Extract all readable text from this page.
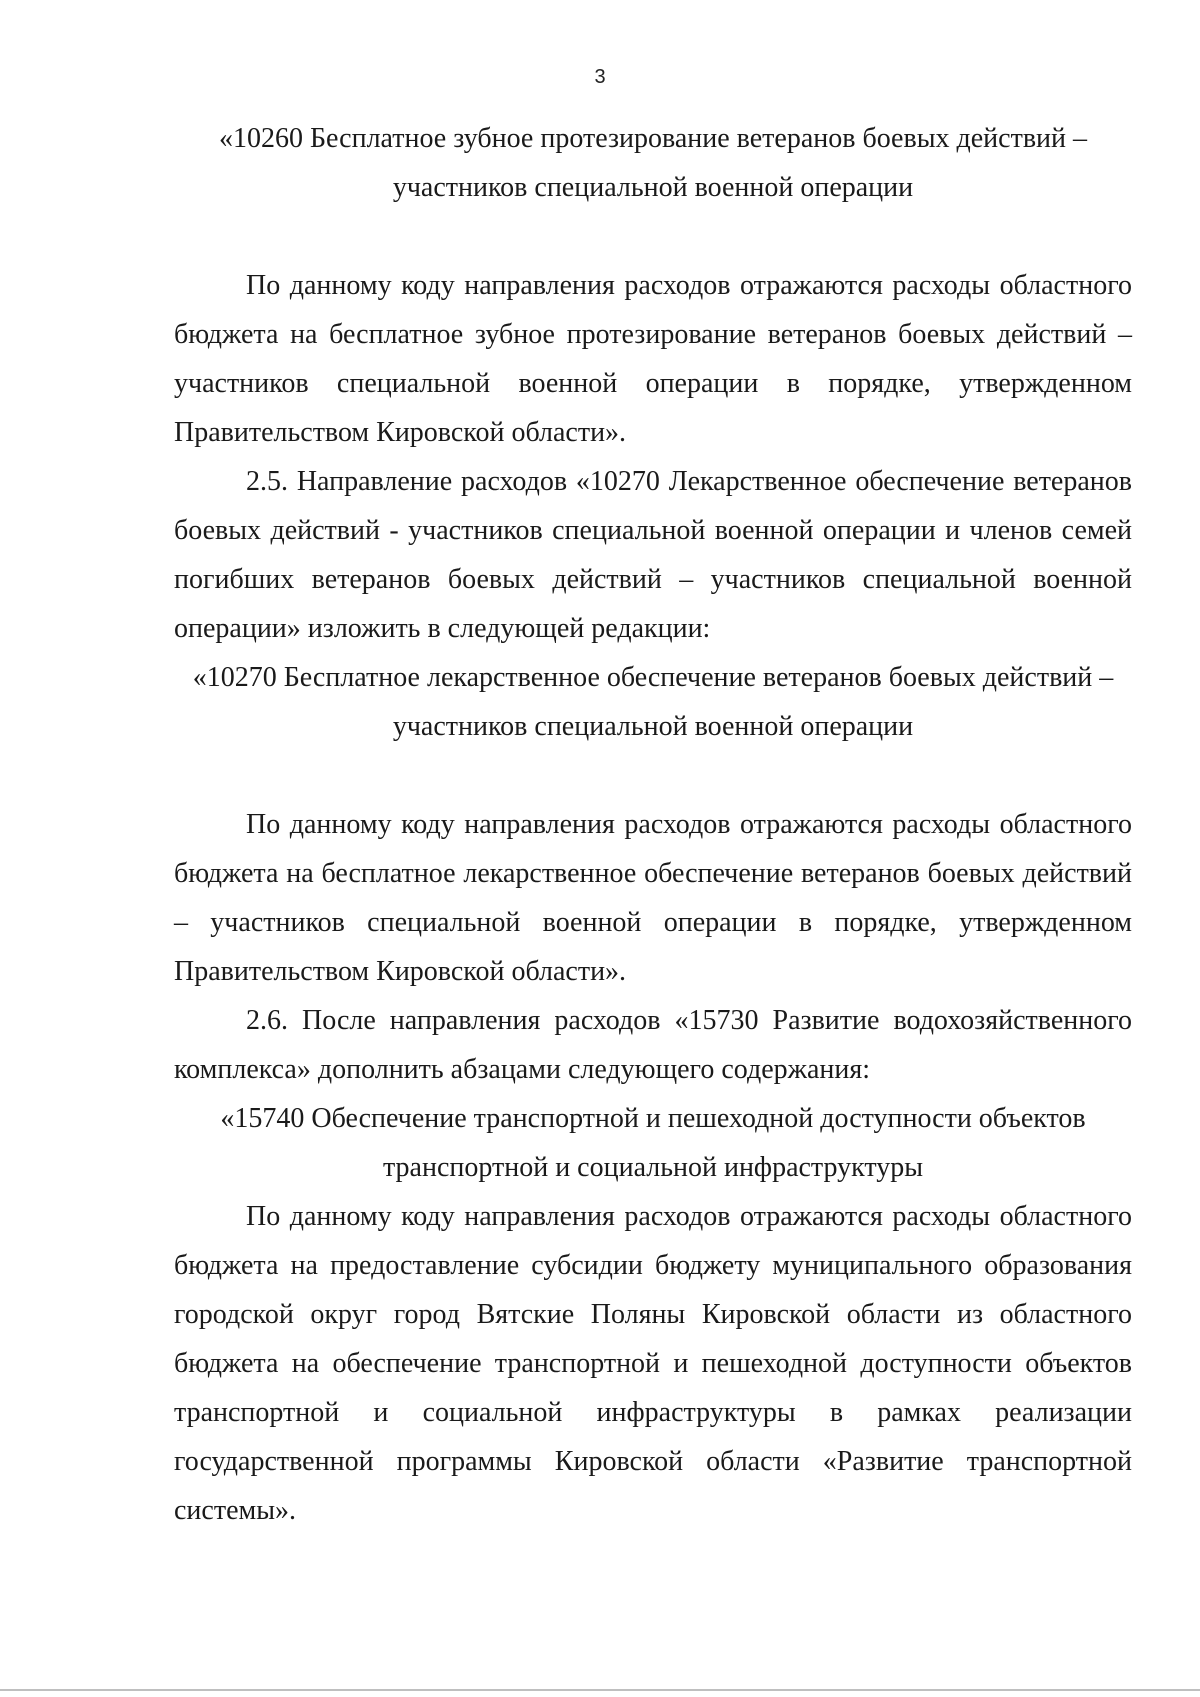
3

«10260 Бесплатное зубное протезирование ветеранов боевых действий –

участников специальной военной операции

По данному коду направления расходов отражаются расходы областного бюджета на бесплатное зубное протезирование ветеранов боевых действий – участников специальной военной операции в порядке, утвержденном Правительством Кировской области».

2.5. Направление расходов «10270 Лекарственное обеспечение ветеранов боевых действий - участников специальной военной операции и членов семей погибших ветеранов боевых действий – участников специальной военной операции» изложить в следующей редакции:

«10270 Бесплатное лекарственное обеспечение ветеранов боевых действий –

участников специальной военной операции

По данному коду направления расходов отражаются расходы областного бюджета на бесплатное лекарственное обеспечение ветеранов боевых действий – участников специальной военной операции в порядке, утвержденном Правительством Кировской области».

2.6. После направления расходов «15730 Развитие водохозяйственного комплекса» дополнить абзацами следующего содержания:

«15740 Обеспечение транспортной и пешеходной доступности объектов

транспортной и социальной инфраструктуры

По данному коду направления расходов отражаются расходы областного бюджета на предоставление субсидии бюджету муниципального образования городской округ город Вятские Поляны Кировской области из областного бюджета на обеспечение транспортной и пешеходной доступности объектов транспортной и социальной инфраструктуры в рамках реализации государственной программы Кировской области «Развитие транспортной системы».
